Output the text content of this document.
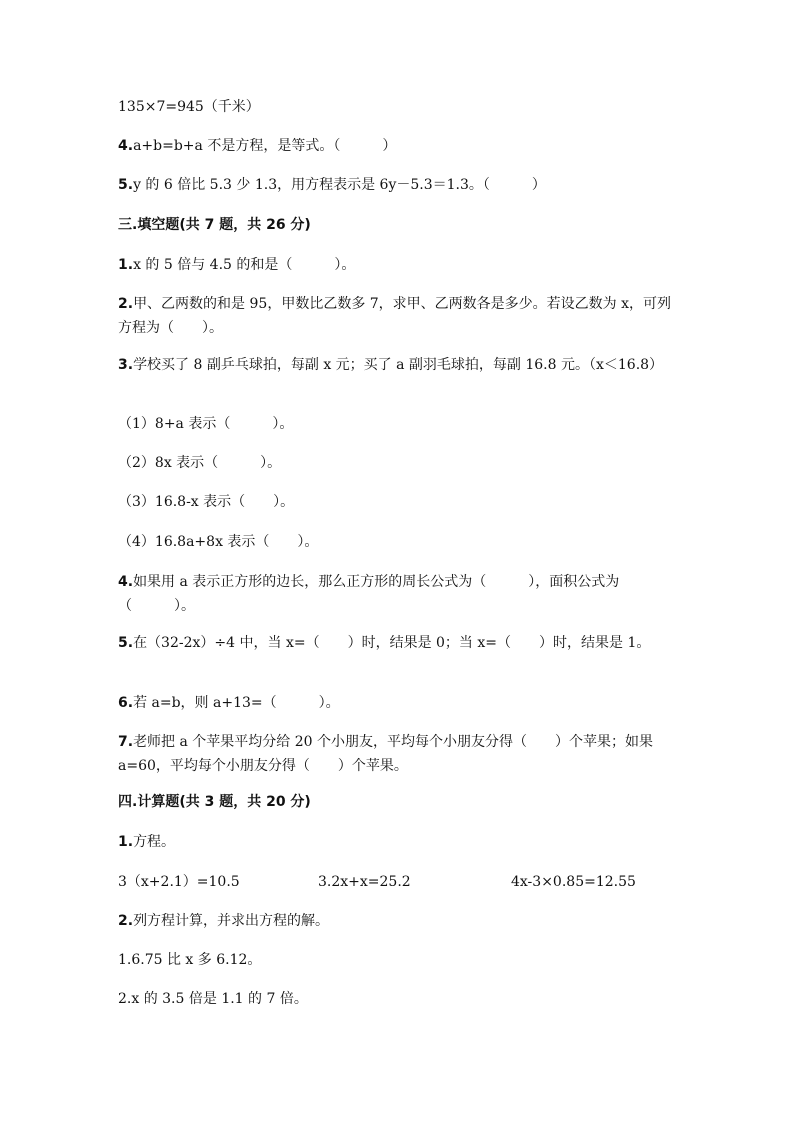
135×7=945（千米）
4.a+b=b+a 不是方程，是等式。（　　　）
5.y 的 6 倍比 5.3 少 1.3，用方程表示是 6y－5.3＝1.3。（　　　）
三.填空题(共 7 题，共 26 分)
1.x 的 5 倍与 4.5 的和是（　　　）。
2.甲、乙两数的和是 95，甲数比乙数多 7，求甲、乙两数各是多少。若设乙数为 x，可列方程为（　　）。
3.学校买了 8 副乒乓球拍，每副 x 元；买了 a 副羽毛球拍，每副 16.8 元。（x＜16.8）
（1）8+a 表示（　　　）。
（2）8x 表示（　　　）。
（3）16.8-x 表示（　　）。
（4）16.8a+8x 表示（　　）。
4.如果用 a 表示正方形的边长，那么正方形的周长公式为（　　　），面积公式为（　　　）。
5.在（32-2x）÷4 中，当 x=（　　）时，结果是 0；当 x=（　　）时，结果是 1。
6.若 a=b，则 a+13=（　　　）。
7.老师把 a 个苹果平均分给 20 个小朋友，平均每个小朋友分得（　　）个苹果；如果 a=60，平均每个小朋友分得（　　）个苹果。
四.计算题(共 3 题，共 20 分)
1.方程。
3（x+2.1）=10.5	3.2x+x=25.2	4x-3×0.85=12.55
2.列方程计算，并求出方程的解。
1.6.75 比 x 多 6.12。
2.x 的 3.5 倍是 1.1 的 7 倍。
